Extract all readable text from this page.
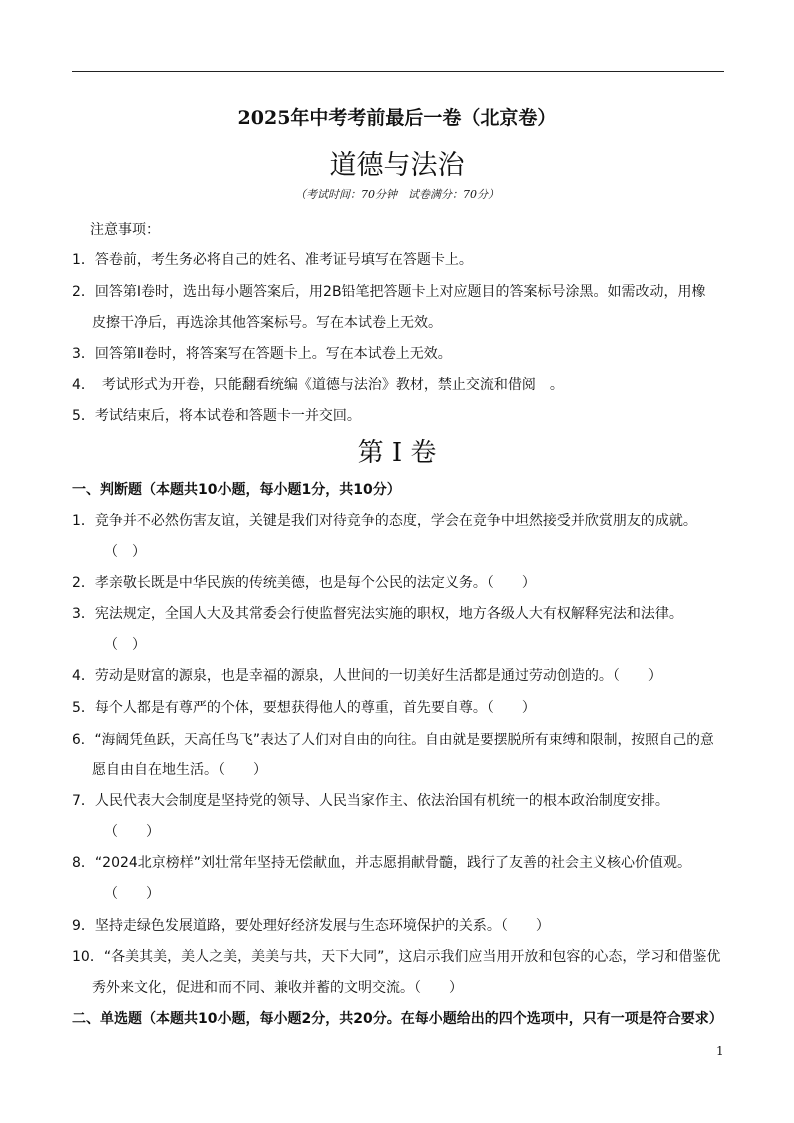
2025年中考考前最后一卷（北京卷）
道德与法治
（考试时间：70分钟　试卷满分：70分）
注意事项：
1．答卷前，考生务必将自己的姓名、准考证号填写在答题卡上。
2．回答第Ⅰ卷时，选出每小题答案后，用2B铅笔把答题卡上对应题目的答案标号涂黑。如需改动，用橡
皮擦干净后，再选涂其他答案标号。写在本试卷上无效。
3．回答第Ⅱ卷时，将答案写在答题卡上。写在本试卷上无效。
4．　考试形式为开卷，只能翻看统编《道德与法治》教材，禁止交流和借阅　。
5．考试结束后，将本试卷和答题卡一并交回。
第 I 卷
一、判断题（本题共10小题，每小题1分，共10分）
1．竞争并不必然伤害友谊，关键是我们对待竞争的态度，学会在竞争中坦然接受并欣赏朋友的成就。
（　）
2．孝亲敬长既是中华民族的传统美德，也是每个公民的法定义务。（　　）
3．宪法规定，全国人大及其常委会行使监督宪法实施的职权，地方各级人大有权解释宪法和法律。
（　）
4．劳动是财富的源泉，也是幸福的源泉，人世间的一切美好生活都是通过劳动创造的。（　　）
5．每个人都是有尊严的个体，要想获得他人的尊重，首先要自尊。（　　）
6．“海阔凭鱼跃，天高任鸟飞”表达了人们对自由的向往。自由就是要摆脱所有束缚和限制，按照自己的意
愿自由自在地生活。（　　）
7．人民代表大会制度是坚持党的领导、人民当家作主、依法治国有机统一的根本政治制度安排。
（　　）
8．“2024北京榜样”刘壮常年坚持无偿献血，并志愿捐献骨髓，践行了友善的社会主义核心价值观。
（　　）
9．坚持走绿色发展道路，要处理好经济发展与生态环境保护的关系。（　　）
10．“各美其美，美人之美，美美与共，天下大同”，这启示我们应当用开放和包容的心态，学习和借鉴优
秀外来文化，促进和而不同、兼收并蓄的文明交流。（　　）
二、单选题（本题共10小题，每小题2分，共20分。在每小题给出的四个选项中，只有一项是符合要求）
1
